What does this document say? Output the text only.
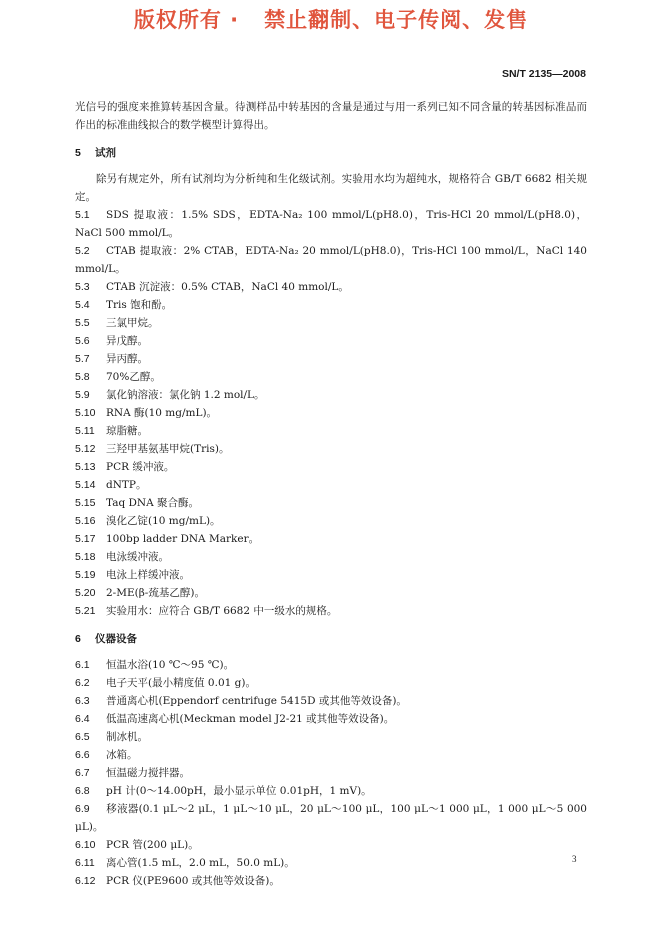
版权所有 ·   禁止翻制、电子传阅、发售
SN/T 2135—2008

光信号的强度来推算转基因含量。待测样品中转基因的含量是通过与用一系列已知不同含量的转基因标准品而作出的标准曲线拟合的数学模型计算得出。

5 试剂

除另有规定外，所有试剂均为分析纯和生化级试剂。实验用水均为超纯水，规格符合 GB/T 6682 相关规定。

5.1 SDS 提取液：1.5% SDS，EDTA-Na₂ 100 mmol/L(pH8.0)，Tris-HCl 20 mmol/L(pH8.0)，NaCl 500 mmol/L。

5.2 CTAB 提取液：2% CTAB，EDTA-Na₂ 20 mmol/L(pH8.0)，Tris-HCl 100 mmol/L，NaCl 140 mmol/L。

5.3 CTAB 沉淀液：0.5% CTAB，NaCl 40 mmol/L。

5.4 Tris 饱和酚。

5.5 三氯甲烷。

5.6 异戊醇。

5.7 异丙醇。

5.8 70%乙醇。

5.9 氯化钠溶液：氯化钠 1.2 mol/L。

5.10 RNA 酶(10 mg/mL)。

5.11 琼脂糖。

5.12 三羟甲基氨基甲烷(Tris)。

5.13 PCR 缓冲液。

5.14 dNTP。

5.15 Taq DNA 聚合酶。

5.16 溴化乙锭(10 mg/mL)。

5.17 100bp ladder DNA Marker。

5.18 电泳缓冲液。

5.19 电泳上样缓冲液。

5.20 2-ME(β-巯基乙醇)。

5.21 实验用水：应符合 GB/T 6682 中一级水的规格。

6 仪器设备

6.1 恒温水浴(10 ℃～95 ℃)。

6.2 电子天平(最小精度值 0.01 g)。

6.3 普通离心机(Eppendorf centrifuge 5415D 或其他等效设备)。

6.4 低温高速离心机(Meckman model J2-21 或其他等效设备)。

6.5 制冰机。

6.6 冰箱。

6.7 恒温磁力搅拌器。

6.8 pH 计(0～14.00pH，最小显示单位 0.01pH，1 mV)。

6.9 移液器(0.1 μL～2 μL，1 μL～10 μL，20 μL～100 μL，100 μL～1 000 μL，1 000 μL～5 000 μL)。

6.10 PCR 管(200 μL)。

6.11 离心管(1.5 mL，2.0 mL，50.0 mL)。

6.12 PCR 仪(PE9600 或其他等效设备)。

3
